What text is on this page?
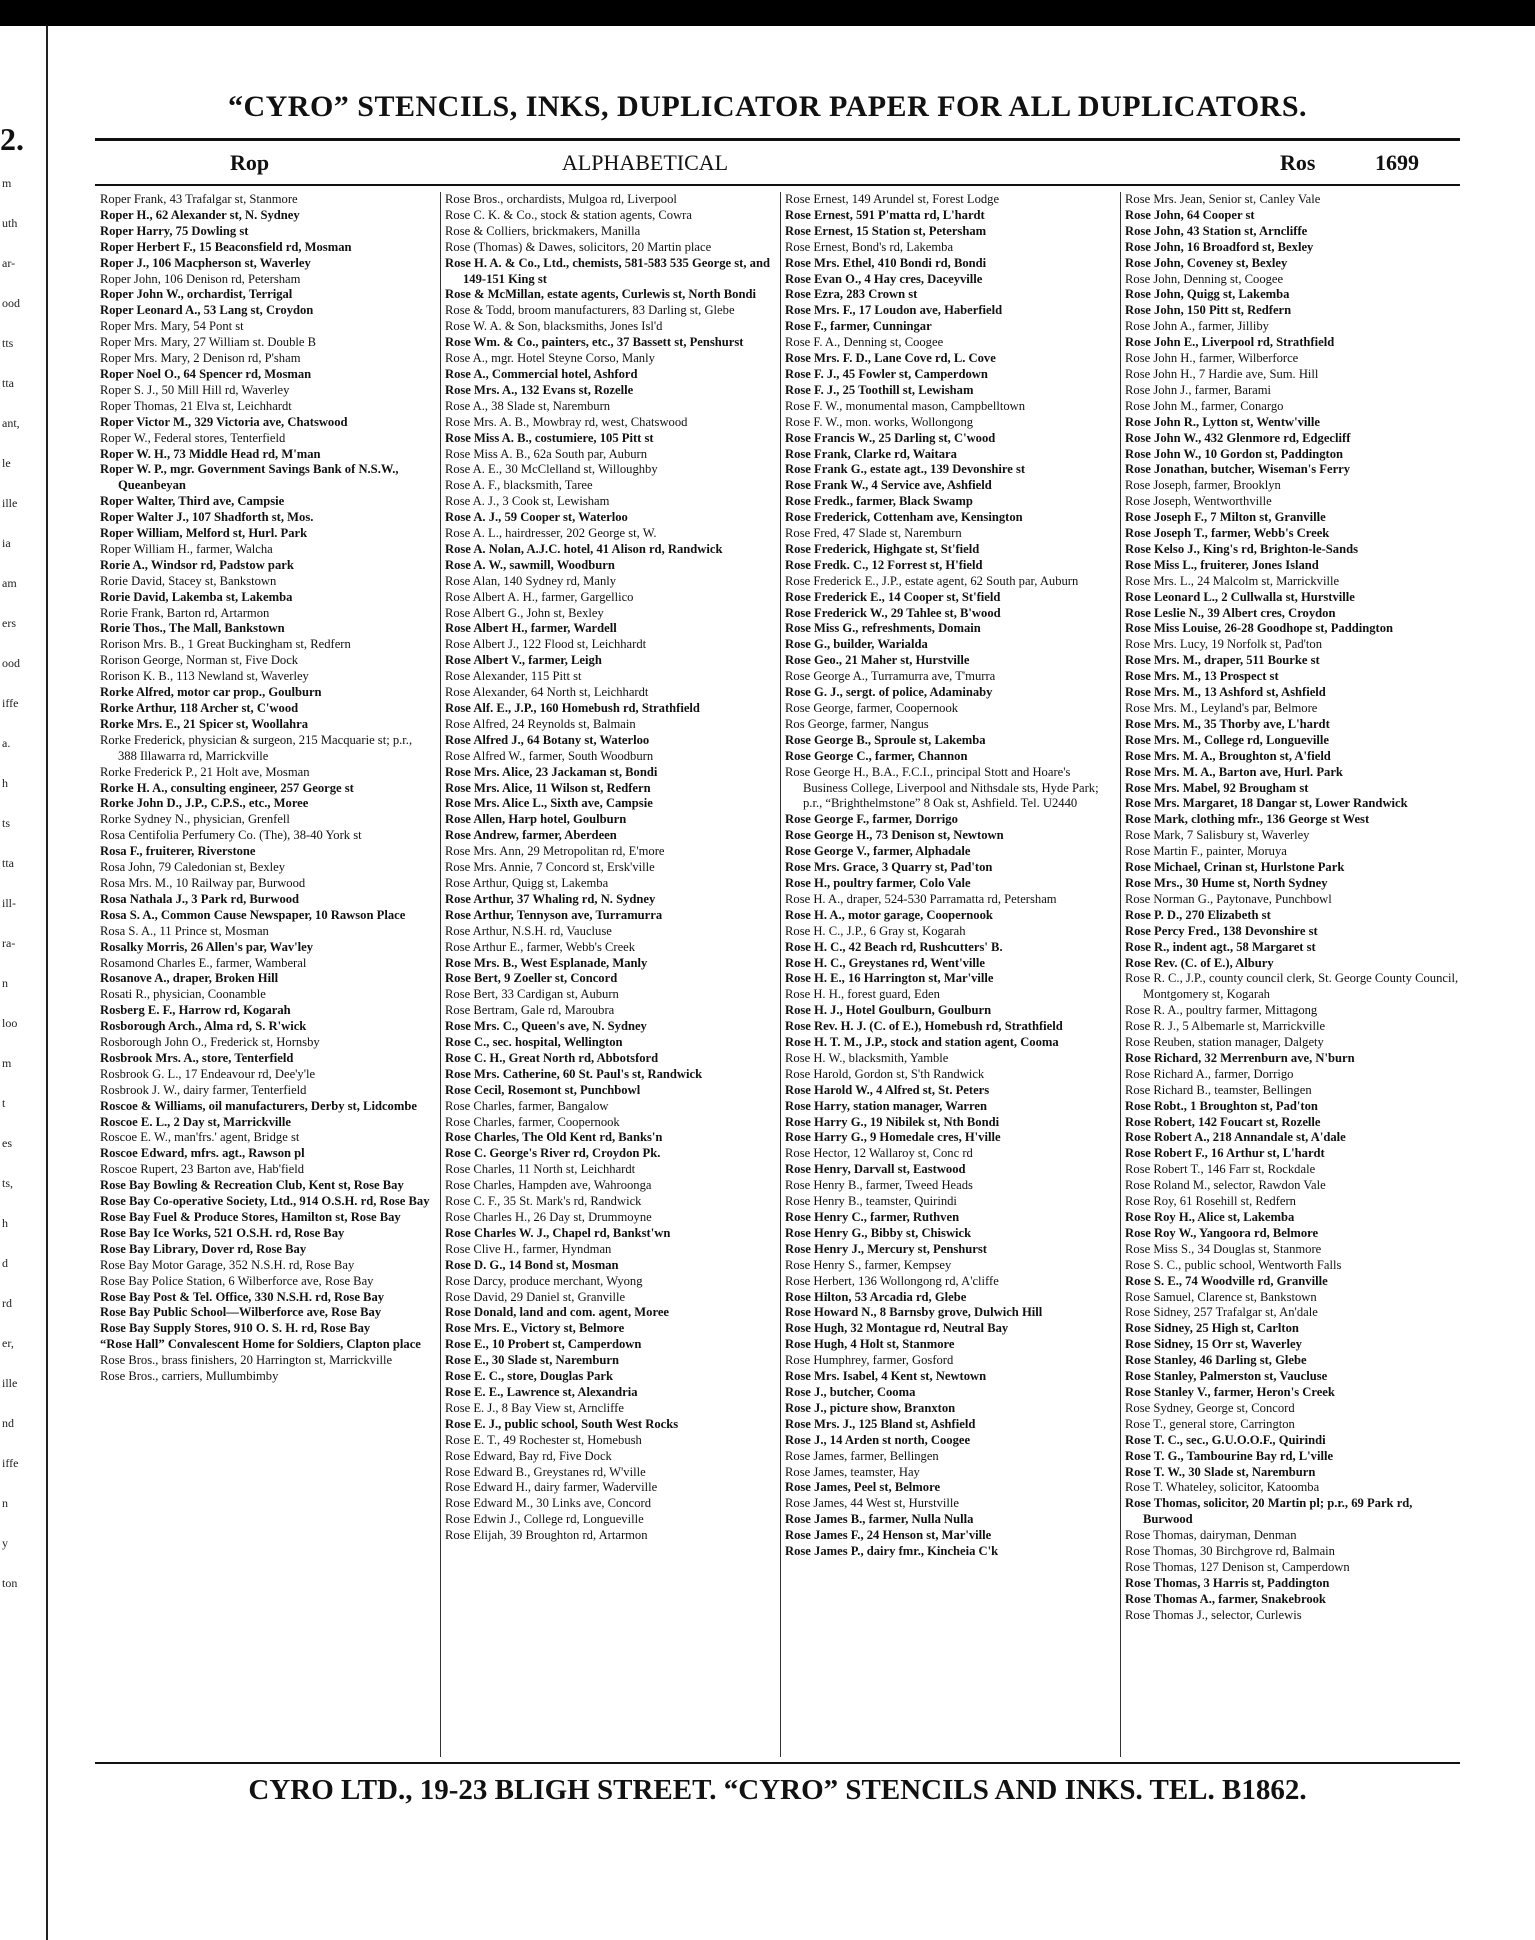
2.
m
uth
ar-
ood
tts
tta
ant,
le
ille
ia
am
ers
ood
iffe
a.
h
ts
tta
ill-
ra-
n
loo
m
t
es
ts,
h
d
rd
er,
ille
nd
iffe
n
y
ton
“CYRO” STENCILS, INKS, DUPLICATOR PAPER FOR ALL DUPLICATORS.
Rop	ALPHABETICAL	Ros	1699

Roper Frank, 43 Trafalgar st, Stanmore

Roper H., 62 Alexander st, N. Sydney

Roper Harry, 75 Dowling st

Roper Herbert F., 15 Beaconsfield rd, Mosman

Roper J., 106 Macpherson st, Waverley

Roper John, 106 Denison rd, Petersham

Roper John W., orchardist, Terrigal

Roper Leonard A., 53 Lang st, Croydon

Roper Mrs. Mary, 54 Pont st

Roper Mrs. Mary, 27 William st. Double B

Roper Mrs. Mary, 2 Denison rd, P'sham

Roper Noel O., 64 Spencer rd, Mosman

Roper S. J., 50 Mill Hill rd, Waverley

Roper Thomas, 21 Elva st, Leichhardt

Roper Victor M., 329 Victoria ave, Chatswood

Roper W., Federal stores, Tenterfield

Roper W. H., 73 Middle Head rd, M'man

Roper W. P., mgr. Government Savings Bank of N.S.W., Queanbeyan

Roper Walter, Third ave, Campsie

Roper Walter J., 107 Shadforth st, Mos.

Roper William, Melford st, Hurl. Park

Roper William H., farmer, Walcha

Rorie A., Windsor rd, Padstow park

Rorie David, Stacey st, Bankstown

Rorie David, Lakemba st, Lakemba

Rorie Frank, Barton rd, Artarmon

Rorie Thos., The Mall, Bankstown

Rorison Mrs. B., 1 Great Buckingham st, Redfern

Rorison George, Norman st, Five Dock

Rorison K. B., 113 Newland st, Waverley

Rorke Alfred, motor car prop., Goulburn

Rorke Arthur, 118 Archer st, C'wood

Rorke Mrs. E., 21 Spicer st, Woollahra

Rorke Frederick, physician & surgeon, 215 Macquarie st; p.r., 388 Illawarra rd, Marrickville

Rorke Frederick P., 21 Holt ave, Mosman

Rorke H. A., consulting engineer, 257 George st

Rorke John D., J.P., C.P.S., etc., Moree

Rorke Sydney N., physician, Grenfell

Rosa Centifolia Perfumery Co. (The), 38-40 York st

Rosa F., fruiterer, Riverstone

Rosa John, 79 Caledonian st, Bexley

Rosa Mrs. M., 10 Railway par, Burwood

Rosa Nathala J., 3 Park rd, Burwood

Rosa S. A., Common Cause Newspaper, 10 Rawson Place

Rosa S. A., 11 Prince st, Mosman

Rosalky Morris, 26 Allen's par, Wav'ley

Rosamond Charles E., farmer, Wamberal

Rosanove A., draper, Broken Hill

Rosati R., physician, Coonamble

Rosberg E. F., Harrow rd, Kogarah

Rosborough Arch., Alma rd, S. R'wick

Rosborough John O., Frederick st, Hornsby

Rosbrook Mrs. A., store, Tenterfield

Rosbrook G. L., 17 Endeavour rd, Dee'y'le

Rosbrook J. W., dairy farmer, Tenterfield

Roscoe & Williams, oil manufacturers, Derby st, Lidcombe

Roscoe E. L., 2 Day st, Marrickville

Roscoe E. W., man'frs.' agent, Bridge st

Roscoe Edward, mfrs. agt., Rawson pl

Roscoe Rupert, 23 Barton ave, Hab'field

Rose Bay Bowling & Recreation Club, Kent st, Rose Bay

Rose Bay Co-operative Society, Ltd., 914 O.S.H. rd, Rose Bay

Rose Bay Fuel & Produce Stores, Hamilton st, Rose Bay

Rose Bay Ice Works, 521 O.S.H. rd, Rose Bay

Rose Bay Library, Dover rd, Rose Bay

Rose Bay Motor Garage, 352 N.S.H. rd, Rose Bay

Rose Bay Police Station, 6 Wilberforce ave, Rose Bay

Rose Bay Post & Tel. Office, 330 N.S.H. rd, Rose Bay

Rose Bay Public School—Wilberforce ave, Rose Bay

Rose Bay Supply Stores, 910 O. S. H. rd, Rose Bay

“Rose Hall” Convalescent Home for Soldiers, Clapton place

Rose Bros., brass finishers, 20 Harrington st, Marrickville

Rose Bros., carriers, Mullumbimby

Rose Bros., orchardists, Mulgoa rd, Liverpool

Rose C. K. & Co., stock & station agents, Cowra

Rose & Colliers, brickmakers, Manilla

Rose (Thomas) & Dawes, solicitors, 20 Martin place

Rose H. A. & Co., Ltd., chemists, 581-583 535 George st, and 149-151 King st

Rose & McMillan, estate agents, Curlewis st, North Bondi

Rose & Todd, broom manufacturers, 83 Darling st, Glebe

Rose W. A. & Son, blacksmiths, Jones Isl'd

Rose Wm. & Co., painters, etc., 37 Bassett st, Penshurst

Rose A., mgr. Hotel Steyne Corso, Manly

Rose A., Commercial hotel, Ashford

Rose Mrs. A., 132 Evans st, Rozelle

Rose A., 38 Slade st, Naremburn

Rose Mrs. A. B., Mowbray rd, west, Chatswood

Rose Miss A. B., costumiere, 105 Pitt st

Rose Miss A. B., 62a South par, Auburn

Rose A. E., 30 McClelland st, Willoughby

Rose A. F., blacksmith, Taree

Rose A. J., 3 Cook st, Lewisham

Rose A. J., 59 Cooper st, Waterloo

Rose A. L., hairdresser, 202 George st, W.

Rose A. Nolan, A.J.C. hotel, 41 Alison rd, Randwick

Rose A. W., sawmill, Woodburn

Rose Alan, 140 Sydney rd, Manly

Rose Albert A. H., farmer, Gargellico

Rose Albert G., John st, Bexley

Rose Albert H., farmer, Wardell

Rose Albert J., 122 Flood st, Leichhardt

Rose Albert V., farmer, Leigh

Rose Alexander, 115 Pitt st

Rose Alexander, 64 North st, Leichhardt

Rose Alf. E., J.P., 160 Homebush rd, Strathfield

Rose Alfred, 24 Reynolds st, Balmain

Rose Alfred J., 64 Botany st, Waterloo

Rose Alfred W., farmer, South Woodburn

Rose Mrs. Alice, 23 Jackaman st, Bondi

Rose Mrs. Alice, 11 Wilson st, Redfern

Rose Mrs. Alice L., Sixth ave, Campsie

Rose Allen, Harp hotel, Goulburn

Rose Andrew, farmer, Aberdeen

Rose Mrs. Ann, 29 Metropolitan rd, E'more

Rose Mrs. Annie, 7 Concord st, Ersk'ville

Rose Arthur, Quigg st, Lakemba

Rose Arthur, 37 Whaling rd, N. Sydney

Rose Arthur, Tennyson ave, Turramurra

Rose Arthur, N.S.H. rd, Vaucluse

Rose Arthur E., farmer, Webb's Creek

Rose Mrs. B., West Esplanade, Manly

Rose Bert, 9 Zoeller st, Concord

Rose Bert, 33 Cardigan st, Auburn

Rose Bertram, Gale rd, Maroubra

Rose Mrs. C., Queen's ave, N. Sydney

Rose C., sec. hospital, Wellington

Rose C. H., Great North rd, Abbotsford

Rose Mrs. Catherine, 60 St. Paul's st, Randwick

Rose Cecil, Rosemont st, Punchbowl

Rose Charles, farmer, Bangalow

Rose Charles, farmer, Coopernook

Rose Charles, The Old Kent rd, Banks'n

Rose C. George's River rd, Croydon Pk.

Rose Charles, 11 North st, Leichhardt

Rose Charles, Hampden ave, Wahroonga

Rose C. F., 35 St. Mark's rd, Randwick

Rose Charles H., 26 Day st, Drummoyne

Rose Charles W. J., Chapel rd, Bankst'wn

Rose Clive H., farmer, Hyndman

Rose D. G., 14 Bond st, Mosman

Rose Darcy, produce merchant, Wyong

Rose David, 29 Daniel st, Granville

Rose Donald, land and com. agent, Moree

Rose Mrs. E., Victory st, Belmore

Rose E., 10 Probert st, Camperdown

Rose E., 30 Slade st, Naremburn

Rose E. C., store, Douglas Park

Rose E. E., Lawrence st, Alexandria

Rose E. J., 8 Bay View st, Arncliffe

Rose E. J., public school, South West Rocks

Rose E. T., 49 Rochester st, Homebush

Rose Edward, Bay rd, Five Dock

Rose Edward B., Greystanes rd, W'ville

Rose Edward H., dairy farmer, Waderville

Rose Edward M., 30 Links ave, Concord

Rose Edwin J., College rd, Longueville

Rose Elijah, 39 Broughton rd, Artarmon

Rose Ernest, 149 Arundel st, Forest Lodge

Rose Ernest, 591 P'matta rd, L'hardt

Rose Ernest, 15 Station st, Petersham

Rose Ernest, Bond's rd, Lakemba

Rose Mrs. Ethel, 410 Bondi rd, Bondi

Rose Evan O., 4 Hay cres, Daceyville

Rose Ezra, 283 Crown st

Rose Mrs. F., 17 Loudon ave, Haberfield

Rose F., farmer, Cunningar

Rose F. A., Denning st, Coogee

Rose Mrs. F. D., Lane Cove rd, L. Cove

Rose F. J., 45 Fowler st, Camperdown

Rose F. J., 25 Toothill st, Lewisham

Rose F. W., monumental mason, Campbelltown

Rose F. W., mon. works, Wollongong

Rose Francis W., 25 Darling st, C'wood

Rose Frank, Clarke rd, Waitara

Rose Frank G., estate agt., 139 Devonshire st

Rose Frank W., 4 Service ave, Ashfield

Rose Fredk., farmer, Black Swamp

Rose Frederick, Cottenham ave, Kensington

Rose Fred, 47 Slade st, Naremburn

Rose Frederick, Highgate st, St'field

Rose Fredk. C., 12 Forrest st, H'field

Rose Frederick E., J.P., estate agent, 62 South par, Auburn

Rose Frederick E., 14 Cooper st, St'field

Rose Frederick W., 29 Tahlee st, B'wood

Rose Miss G., refreshments, Domain

Rose G., builder, Warialda

Rose Geo., 21 Maher st, Hurstville

Rose George A., Turramurra ave, T'murra

Rose G. J., sergt. of police, Adaminaby

Rose George, farmer, Coopernook

Ros George, farmer, Nangus

Rose George B., Sproule st, Lakemba

Rose George C., farmer, Channon

Rose George H., B.A., F.C.I., principal Stott and Hoare's Business College, Liverpool and Nithsdale sts, Hyde Park; p.r., “Brighthelmstone” 8 Oak st, Ashfield. Tel. U2440

Rose George F., farmer, Dorrigo

Rose George H., 73 Denison st, Newtown

Rose George V., farmer, Alphadale

Rose Mrs. Grace, 3 Quarry st, Pad'ton

Rose H., poultry farmer, Colo Vale

Rose H. A., draper, 524-530 Parramatta rd, Petersham

Rose H. A., motor garage, Coopernook

Rose H. C., J.P., 6 Gray st, Kogarah

Rose H. C., 42 Beach rd, Rushcutters' B.

Rose H. C., Greystanes rd, Went'ville

Rose H. E., 16 Harrington st, Mar'ville

Rose H. H., forest guard, Eden

Rose H. J., Hotel Goulburn, Goulburn

Rose Rev. H. J. (C. of E.), Homebush rd, Strathfield

Rose H. T. M., J.P., stock and station agent, Cooma

Rose H. W., blacksmith, Yamble

Rose Harold, Gordon st, S'th Randwick

Rose Harold W., 4 Alfred st, St. Peters

Rose Harry, station manager, Warren

Rose Harry G., 19 Nibilek st, Nth Bondi

Rose Harry G., 9 Homedale cres, H'ville

Rose Hector, 12 Wallaroy st, Conc rd

Rose Henry, Darvall st, Eastwood

Rose Henry B., farmer, Tweed Heads

Rose Henry B., teamster, Quirindi

Rose Henry C., farmer, Ruthven

Rose Henry G., Bibby st, Chiswick

Rose Henry J., Mercury st, Penshurst

Rose Henry S., farmer, Kempsey

Rose Herbert, 136 Wollongong rd, A'cliffe

Rose Hilton, 53 Arcadia rd, Glebe

Rose Howard N., 8 Barnsby grove, Dulwich Hill

Rose Hugh, 32 Montague rd, Neutral Bay

Rose Hugh, 4 Holt st, Stanmore

Rose Humphrey, farmer, Gosford

Rose Mrs. Isabel, 4 Kent st, Newtown

Rose J., butcher, Cooma

Rose J., picture show, Branxton

Rose Mrs. J., 125 Bland st, Ashfield

Rose J., 14 Arden st north, Coogee

Rose James, farmer, Bellingen

Rose James, teamster, Hay

Rose James, Peel st, Belmore

Rose James, 44 West st, Hurstville

Rose James B., farmer, Nulla Nulla

Rose James F., 24 Henson st, Mar'ville

Rose James P., dairy fmr., Kincheia C'k

Rose Mrs. Jean, Senior st, Canley Vale

Rose John, 64 Cooper st

Rose John, 43 Station st, Arncliffe

Rose John, 16 Broadford st, Bexley

Rose John, Coveney st, Bexley

Rose John, Denning st, Coogee

Rose John, Quigg st, Lakemba

Rose John, 150 Pitt st, Redfern

Rose John A., farmer, Jilliby

Rose John E., Liverpool rd, Strathfield

Rose John H., farmer, Wilberforce

Rose John H., 7 Hardie ave, Sum. Hill

Rose John J., farmer, Barami

Rose John M., farmer, Conargo

Rose John R., Lytton st, Wentw'ville

Rose John W., 432 Glenmore rd, Edgecliff

Rose John W., 10 Gordon st, Paddington

Rose Jonathan, butcher, Wiseman's Ferry

Rose Joseph, farmer, Brooklyn

Rose Joseph, Wentworthville

Rose Joseph F., 7 Milton st, Granville

Rose Joseph T., farmer, Webb's Creek

Rose Kelso J., King's rd, Brighton-le-Sands

Rose Miss L., fruiterer, Jones Island

Rose Mrs. L., 24 Malcolm st, Marrickville

Rose Leonard L., 2 Cullwalla st, Hurstville

Rose Leslie N., 39 Albert cres, Croydon

Rose Miss Louise, 26-28 Goodhope st, Paddington

Rose Mrs. Lucy, 19 Norfolk st, Pad'ton

Rose Mrs. M., draper, 511 Bourke st

Rose Mrs. M., 13 Prospect st

Rose Mrs. M., 13 Ashford st, Ashfield

Rose Mrs. M., Leyland's par, Belmore

Rose Mrs. M., 35 Thorby ave, L'hardt

Rose Mrs. M., College rd, Longueville

Rose Mrs. M. A., Broughton st, A'field

Rose Mrs. M. A., Barton ave, Hurl. Park

Rose Mrs. Mabel, 92 Brougham st

Rose Mrs. Margaret, 18 Dangar st, Lower Randwick

Rose Mark, clothing mfr., 136 George st West

Rose Mark, 7 Salisbury st, Waverley

Rose Martin F., painter, Moruya

Rose Michael, Crinan st, Hurlstone Park

Rose Mrs., 30 Hume st, North Sydney

Rose Norman G., Paytonave, Punchbowl

Rose P. D., 270 Elizabeth st

Rose Percy Fred., 138 Devonshire st

Rose R., indent agt., 58 Margaret st

Rose Rev. (C. of E.), Albury

Rose R. C., J.P., county council clerk, St. George County Council, Montgomery st, Kogarah

Rose R. A., poultry farmer, Mittagong

Rose R. J., 5 Albemarle st, Marrickville

Rose Reuben, station manager, Dalgety

Rose Richard, 32 Merrenburn ave, N'burn

Rose Richard A., farmer, Dorrigo

Rose Richard B., teamster, Bellingen

Rose Robt., 1 Broughton st, Pad'ton

Rose Robert, 142 Foucart st, Rozelle

Rose Robert A., 218 Annandale st, A'dale

Rose Robert F., 16 Arthur st, L'hardt

Rose Robert T., 146 Farr st, Rockdale

Rose Roland M., selector, Rawdon Vale

Rose Roy, 61 Rosehill st, Redfern

Rose Roy H., Alice st, Lakemba

Rose Roy W., Yangoora rd, Belmore

Rose Miss S., 34 Douglas st, Stanmore

Rose S. C., public school, Wentworth Falls

Rose S. E., 74 Woodville rd, Granville

Rose Samuel, Clarence st, Bankstown

Rose Sidney, 257 Trafalgar st, An'dale

Rose Sidney, 25 High st, Carlton

Rose Sidney, 15 Orr st, Waverley

Rose Stanley, 46 Darling st, Glebe

Rose Stanley, Palmerston st, Vaucluse

Rose Stanley V., farmer, Heron's Creek

Rose Sydney, George st, Concord

Rose T., general store, Carrington

Rose T. C., sec., G.U.O.O.F., Quirindi

Rose T. G., Tambourine Bay rd, L'ville

Rose T. W., 30 Slade st, Naremburn

Rose T. Whateley, solicitor, Katoomba

Rose Thomas, solicitor, 20 Martin pl; p.r., 69 Park rd, Burwood

Rose Thomas, dairyman, Denman

Rose Thomas, 30 Birchgrove rd, Balmain

Rose Thomas, 127 Denison st, Camperdown

Rose Thomas, 3 Harris st, Paddington

Rose Thomas A., farmer, Snakebrook

Rose Thomas J., selector, Curlewis

CYRO LTD., 19-23 BLIGH STREET. “CYRO” STENCILS AND INKS. TEL. B1862.
